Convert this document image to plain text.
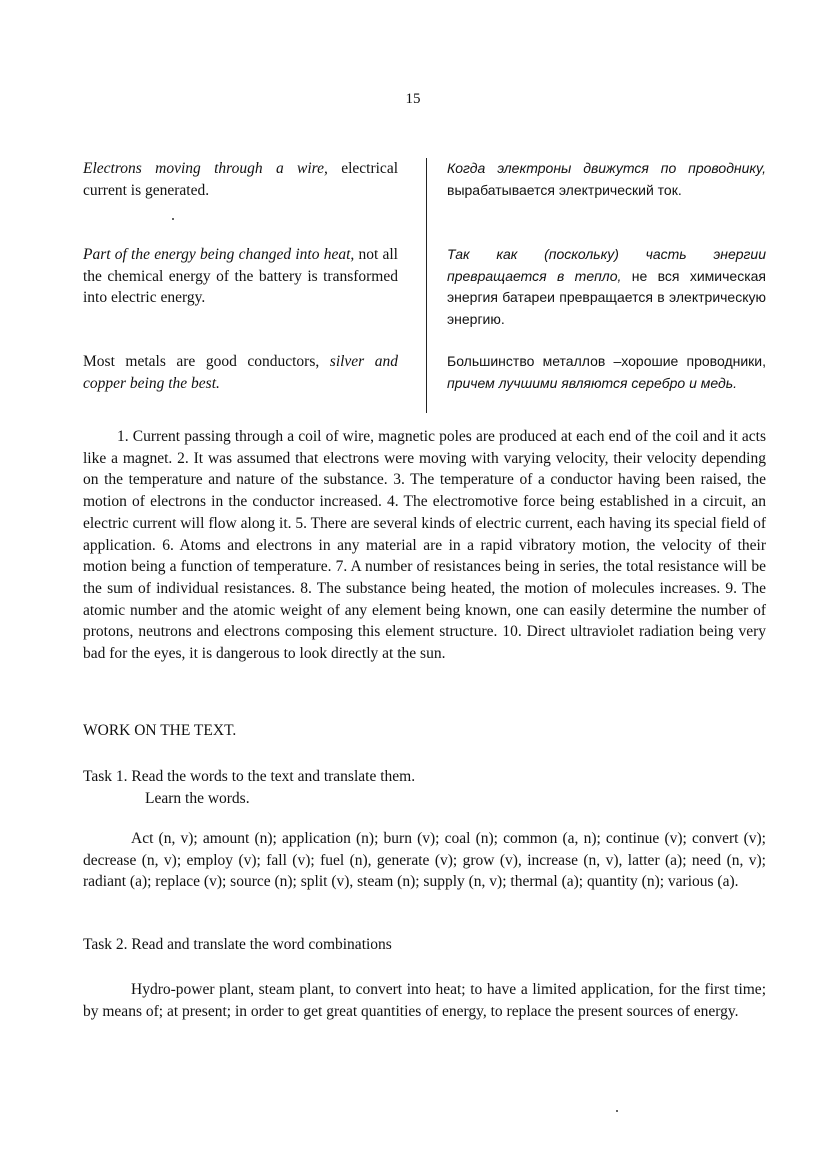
15
Electrons moving through a wire, electrical current is generated.
Когда электроны движутся по проводнику, вырабатывается электрический ток.
Part of the energy being changed into heat, not all the chemical energy of the battery is transformed into electric energy.
Так как (поскольку) часть энергии превращается в тепло, не вся химическая энергия батареи превращается в электрическую энергию.
Most metals are good conductors, silver and copper being the best.
Большинство металлов –хорошие проводники, причем лучшими являются серебро и медь.
1. Current passing through a coil of wire, magnetic poles are produced at each end of the coil and it acts like a magnet. 2. It was assumed that electrons were moving with varying velocity, their velocity depending on the temperature and nature of the substance. 3. The temperature of a conductor having been raised, the motion of electrons in the conductor increased. 4. The electromotive force being established in a circuit, an electric current will flow along it. 5. There are several kinds of electric current, each having its special field of application. 6. Atoms and electrons in any material are in a rapid vibratory motion, the velocity of their motion being a function of temperature. 7. A number of resistances being in series, the total resistance will be the sum of individual resistances. 8. The substance being heated, the motion of molecules increases. 9. The atomic number and the atomic weight of any element being known, one can easily determine the number of protons, neutrons and electrons composing this element structure. 10. Direct ultraviolet radiation being very bad for the eyes, it is dangerous to look directly at the sun.
WORK ON THE TEXT.
Task 1. Read the words to the text and translate them.
Learn the words.
Act (n, v); amount (n); application (n); burn (v); coal (n); common (a, n); continue (v); convert (v); decrease (n, v); employ (v); fall (v); fuel (n), generate (v); grow (v), increase (n, v), latter (a); need (n, v); radiant (a); replace (v); source (n); split (v), steam (n); supply (n, v); thermal (a); quantity (n); various (a).
Task 2. Read and translate the word combinations
Hydro-power plant, steam plant, to convert into heat; to have a limited application, for the first time; by means of; at present; in order to get great quantities of energy, to replace the present sources of energy.
